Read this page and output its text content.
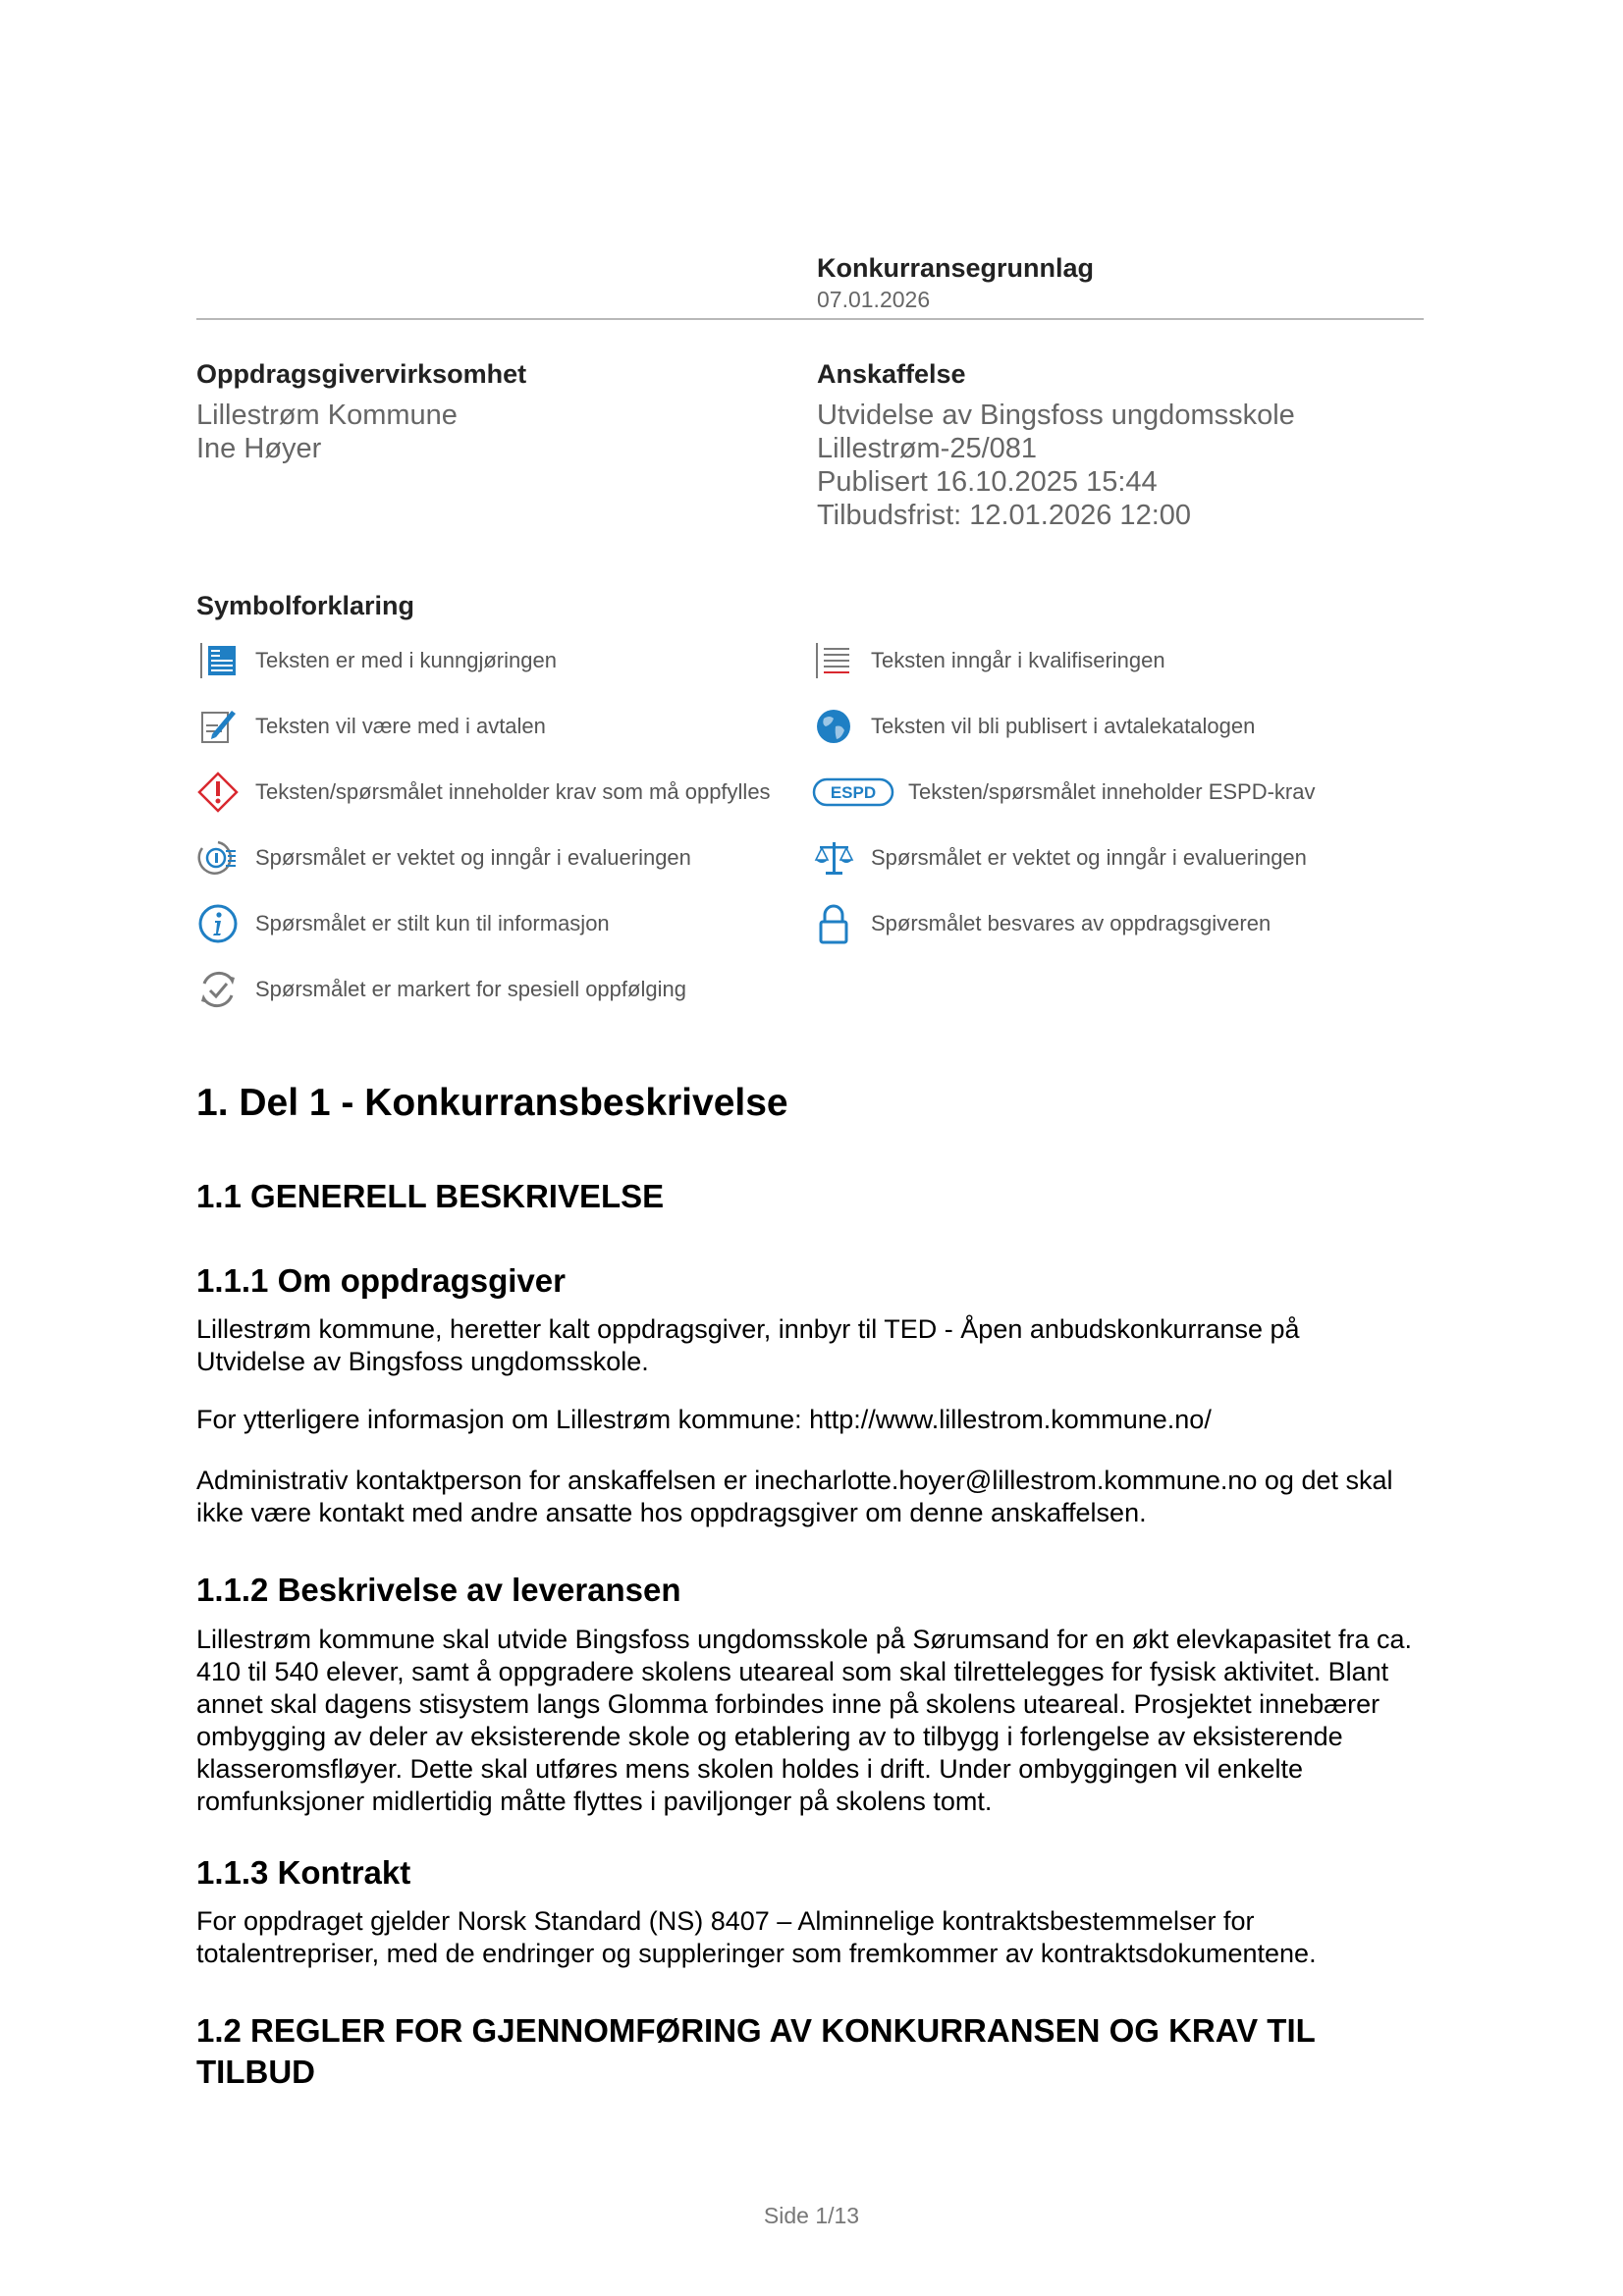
Konkurransegrunnlag
07.01.2026
Oppdragsgivervirksomhet
Lillestrøm Kommune
Ine Høyer
Anskaffelse
Utvidelse av Bingsfoss ungdomsskole
Lillestrøm-25/081
Publisert 16.10.2025 15:44
Tilbudsfrist: 12.01.2026 12:00
Symbolforklaring
Teksten er med i kunngjøringen	Teksten inngår i kvalifiseringen
Teksten vil være med i avtalen	Teksten vil bli publisert i avtalekatalogen
Teksten/spørsmålet inneholder krav som må oppfylles	ESPD Teksten/spørsmålet inneholder ESPD-krav
Spørsmålet er vektet og inngår i evalueringen	Spørsmålet er vektet og inngår i evalueringen
Spørsmålet er stilt kun til informasjon	Spørsmålet besvares av oppdragsgiveren
Spørsmålet er markert for spesiell oppfølging
1. Del 1 - Konkurransbeskrivelse
1.1 GENERELL BESKRIVELSE
1.1.1 Om oppdragsgiver

Lillestrøm kommune, heretter kalt oppdragsgiver, innbyr til TED - Åpen anbudskonkurranse på Utvidelse av Bingsfoss ungdomsskole.

For ytterligere informasjon om Lillestrøm kommune: http://www.lillestrom.kommune.no/

Administrativ kontaktperson for anskaffelsen er inecharlotte.hoyer@lillestrom.kommune.no og det skal ikke være kontakt med andre ansatte hos oppdragsgiver om denne anskaffelsen.

1.1.2 Beskrivelse av leveransen

Lillestrøm kommune skal utvide Bingsfoss ungdomsskole på Sørumsand for en økt elevkapasitet fra ca. 410 til 540 elever, samt å oppgradere skolens uteareal som skal tilrettelegges for fysisk aktivitet. Blant annet skal dagens stisystem langs Glomma forbindes inne på skolens uteareal. Prosjektet innebærer ombygging av deler av eksisterende skole og etablering av to tilbygg i forlengelse av eksisterende klasseromsfløyer. Dette skal utføres mens skolen holdes i drift. Under ombyggingen vil enkelte romfunksjoner midlertidig måtte flyttes i paviljonger på skolens tomt.

1.1.3 Kontrakt

For oppdraget gjelder Norsk Standard (NS) 8407 – Alminnelige kontraktsbestemmelser for totalentrepriser, med de endringer og suppleringer som fremkommer av kontraktsdokumentene.

1.2 REGLER FOR GJENNOMFØRING AV KONKURRANSEN OG KRAV TIL TILBUD
Side 1/13
